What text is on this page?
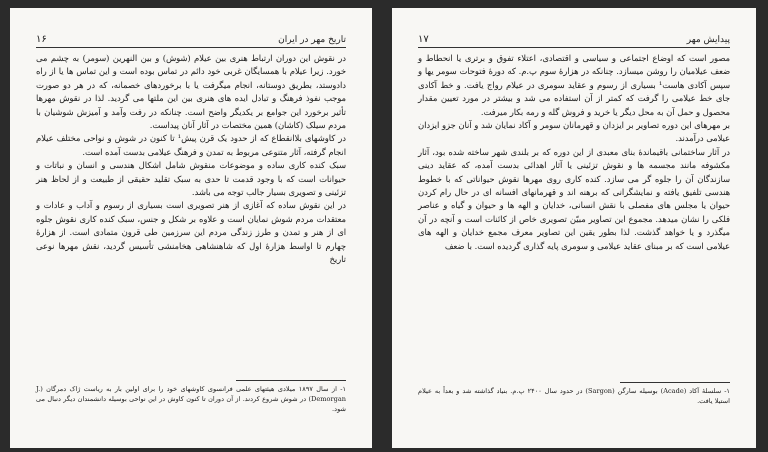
تاریخ مهر در ایران
۱۶

در نقوش این دوران ارتباط هنری بین عیلام (شوش) و بین النهرین (سومر) به چشم می خورد. زیرا عیلام با همسایگان غربی خود دائم در تماس بوده است و این تماس ها یا از راه دادوستد، بطریق دوستانه، انجام میگرفت یا با برخوردهای خصمانه، که در هر دو صورت موجب نفوذ فرهنگ و تبادل ایده های هنری بین این ملتها می گردید. لذا در نقوش مهرها تأثیر برخورد این جوامع بر یکدیگر واضح است. چنانکه در رفت وآمد و آمیزش شوشیان با مردم سیلک (کاشان) همین مختصات در آثار آنان پیداست.

در کاوشهای بلاانقطاع که از حدود یک قرن پیش¹ تا کنون در شوش و نواحی مختلف عیلام انجام گرفته، آثار متنوعی مربوط به تمدن و فرهنگ عیلامی بدست آمده است.

سبک کنده کاری ساده و موضوعات منقوش شامل اشکال هندسی و انسان و نباتات و حیوانات است که با وجود قدمت تا حدی به سبک تقلید حقیقی از طبیعت و از لحاظ هنر تزئینی و تصویری بسیار جالب توجه می باشد.

در این نقوش ساده که آغازی از هنر تصویری است بسیاری از رسوم و آداب و عادات و معتقدات مردم شوش نمایان است و علاوه بر شکل و جنس، سبک کنده کاری نقوش جلوه ای از هنر و تمدن و طرز زندگی مردم این سرزمین طی قرون متمادی است. از هزارهٔ چهارم تا اواسط هزارهٔ اول که شاهنشاهی هخامنشی تأسیس گردید، نقش مهرها نوعی تاریخ

۱- از سال ۱۸۹۷ میلادی هیئتهای علمی فرانسوی کاوشهای خود را برای اولین بار به ریاست ژاک دمرگان (J. Demorgan) در شوش شروع کردند. از آن دوران تا کنون کاوش در این نواحی بوسیله دانشمندان دیگر دنبال می شود.
پیدایش مهر
۱۷

مصور است که اوضاع اجتماعی و سیاسی و اقتصادی، اعتلاء تفوق و برتری یا انحطاط و ضعف عیلامیان را روشن میسازد. چنانکه در هزارهٔ سوم پ.م. که دورهٔ فتوحات سومر یها و سپس آکادی هاست¹ بسیاری از رسوم و عقاید سومری در عیلام رواج یافت. و خط آکادی جای خط عیلامی را گرفت که کمتر از آن استفاده می شد و بیشتر در مورد تعیین مقدار محصول و حمل آن به محل دیگر یا خرید و فروش گله و رمه بکار میرفت.

بر مهرهای این دوره تصاویر بر ایزدان و قهرمانان سومر و آکاد نمایان شد و آنان جزو ایزدان عیلامی درآمدند.

در آثار ساختمانی باقیماندهٔ بنای معبدی از این دوره که بر بلندی شهر ساخته شده بود، آثار مکشوفه مانند مجسمه ها و نقوش تزئینی یا آثار اهدائی بدست آمده، که عقاید دینی سازندگان آن را جلوه گر می سازد. کنده کاری روی مهرها نقوش حیواناتی که با خطوط هندسی تلفیق یافته و نمایشگرانی که برهنه اند و قهرمانهای افسانه ای در حال رام کردن حیوان یا مجلس های مفصلی با نقش انسانی، خدایان و الهه ها و حیوان و گیاه و عناصر فلکی را نشان میدهد. مجموع این تصاویر مبیّن تصویری خاص از کائنات است و آنچه در آن میگذرد و یا خواهد گذشت. لذا بطور یقین این تصاویر معرف مجمع خدایان و الهه های عیلامی است که بر مبنای عقاید عیلامی و سومری پایه گذاری گردیده است. با ضعف

۱- سلسلهٔ آکاد (Acade) بوسیله سارگن (Sargon) در حدود سال ۲۴۰۰ پ.م. بنیاد گذاشته شد و بعداً به عیلام استیلا یافت.
